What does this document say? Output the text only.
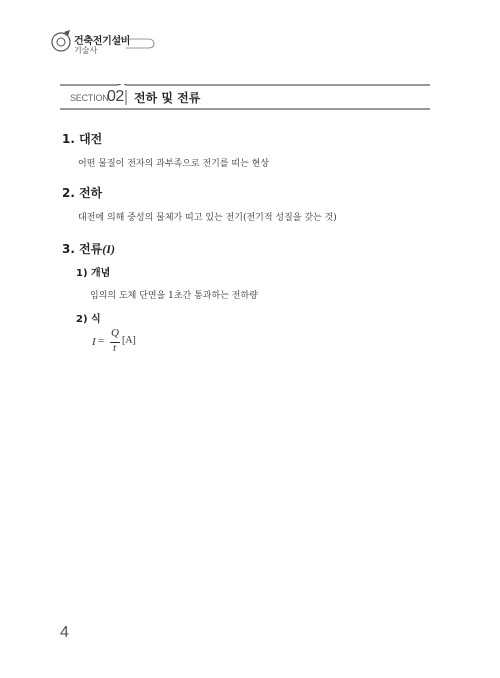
건축전기설비
기술사
SECTION
02 전하 및 전류
1. 대전
어떤 물질이 전자의 과부족으로 전기를 띠는 현상
2. 전하
대전에 의해 중성의 물체가 띠고 있는 전기(전기적 성질을 갖는 것)
3. 전류(I)
1) 개념
임의의 도체 단면을 1초간 통과하는 전하량
2) 식
I =
Q
t
[A]
4
